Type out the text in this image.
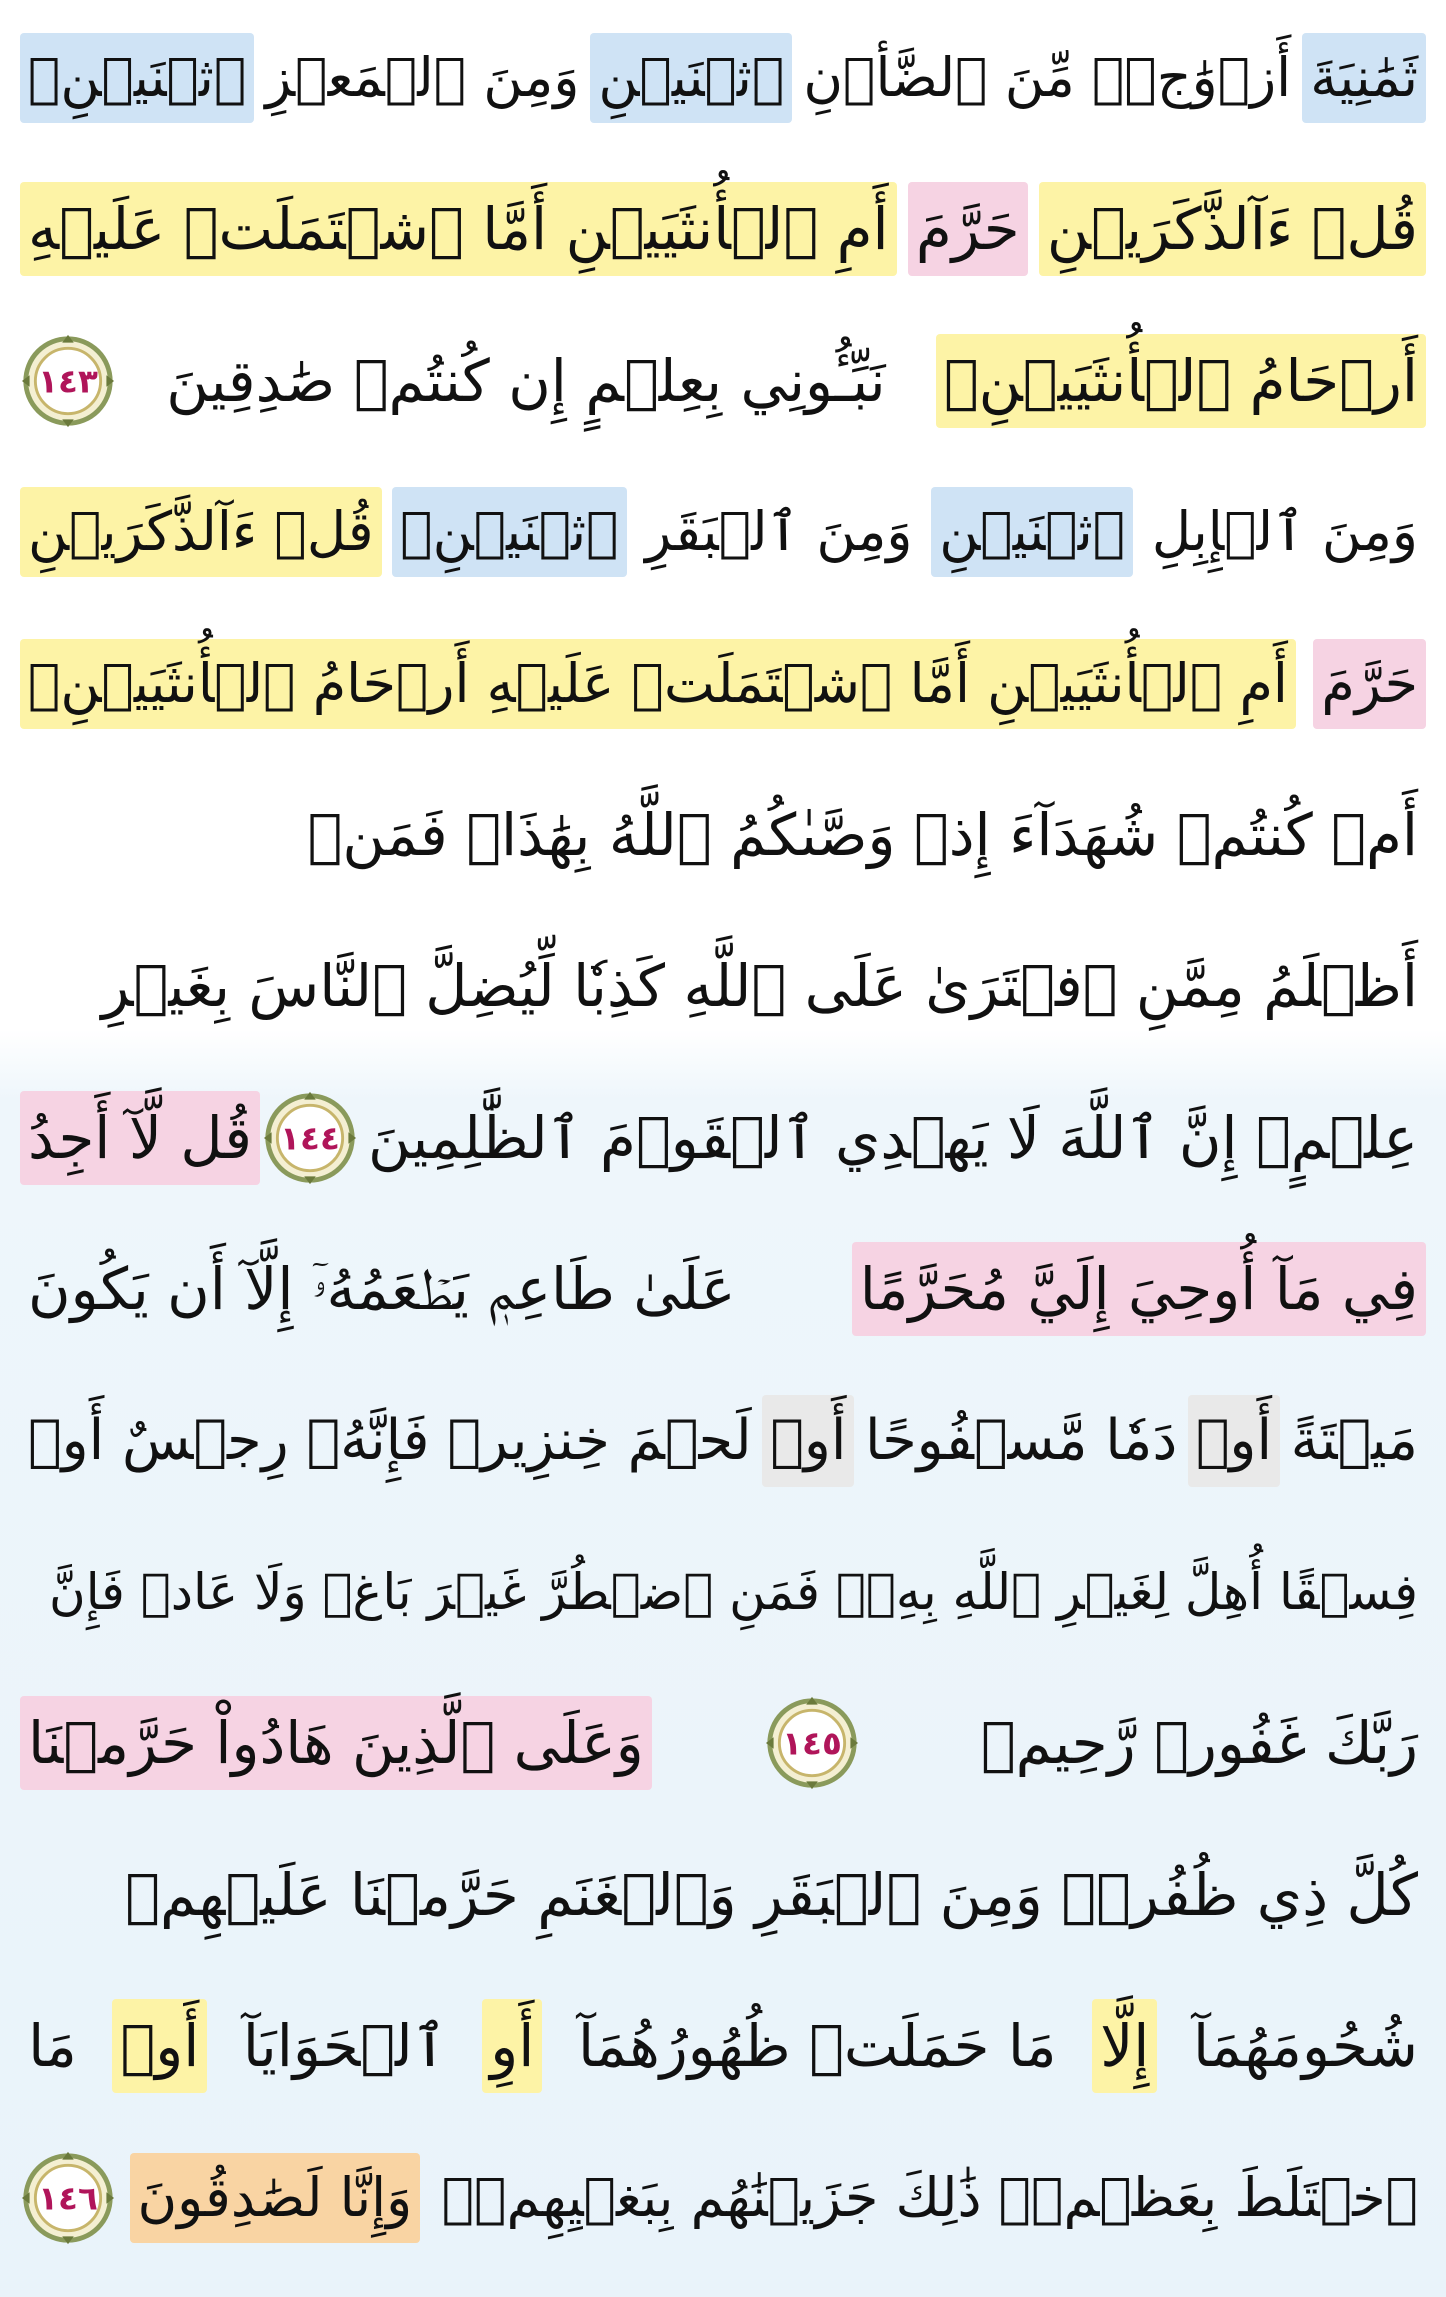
ثَمَٰنِيَةَ
أَزۡوَٰجٖۖ مِّنَ ٱلضَّأۡنِ
ٱثۡنَيۡنِ
وَمِنَ ٱلۡمَعۡزِ
ٱثۡنَيۡنِۗ
قُلۡ ءَآلذَّكَرَيۡنِ
حَرَّمَ
أَمِ ٱلۡأُنثَيَيۡنِ أَمَّا ٱشۡتَمَلَتۡ عَلَيۡهِ
أَرۡحَامُ ٱلۡأُنثَيَيۡنِۖ
نَبِّـُٔونِي بِعِلۡمٍ إِن كُنتُمۡ صَٰدِقِينَ
١٤٣
وَمِنَ ٱلۡإِبِلِ
ٱثۡنَيۡنِ
وَمِنَ ٱلۡبَقَرِ
ٱثۡنَيۡنِۗ
قُلۡ ءَآلذَّكَرَيۡنِ
حَرَّمَ
أَمِ ٱلۡأُنثَيَيۡنِ أَمَّا ٱشۡتَمَلَتۡ عَلَيۡهِ أَرۡحَامُ ٱلۡأُنثَيَيۡنِۖ
أَمۡ كُنتُمۡ شُهَدَآءَ إِذۡ وَصَّىٰكُمُ ٱللَّهُ بِهَٰذَاۚ فَمَنۡ
أَظۡلَمُ مِمَّنِ ٱفۡتَرَىٰ عَلَى ٱللَّهِ كَذِبٗا لِّيُضِلَّ ٱلنَّاسَ بِغَيۡرِ
عِلۡمٍۚ إِنَّ ٱللَّهَ لَا يَهۡدِي ٱلۡقَوۡمَ ٱلظَّٰلِمِينَ
١٤٤
قُل لَّآ أَجِدُ
فِي مَآ أُوحِيَ إِلَيَّ مُحَرَّمًا
عَلَىٰ طَاعِمٖ يَطۡعَمُهُۥٓ إِلَّآ أَن يَكُونَ
مَيۡتَةً
أَوۡ
دَمٗا مَّسۡفُوحًا
أَوۡ
لَحۡمَ خِنزِيرٖ فَإِنَّهُۥ رِجۡسٌ أَوۡ
فِسۡقًا أُهِلَّ لِغَيۡرِ ٱللَّهِ بِهِۦۚ فَمَنِ ٱضۡطُرَّ غَيۡرَ بَاغٖ وَلَا عَادٖ فَإِنَّ
رَبَّكَ غَفُورٞ رَّحِيمٞ
١٤٥
وَعَلَى ٱلَّذِينَ هَادُواْ حَرَّمۡنَا
كُلَّ ذِي ظُفُرٖۖ وَمِنَ ٱلۡبَقَرِ وَٱلۡغَنَمِ حَرَّمۡنَا عَلَيۡهِمۡ
شُحُومَهُمَآ
إِلَّا
مَا حَمَلَتۡ ظُهُورُهُمَآ
أَوِ
ٱلۡحَوَايَآ
أَوۡ
مَا
ٱخۡتَلَطَ بِعَظۡمٖۚ ذَٰلِكَ جَزَيۡنَٰهُم بِبَغۡيِهِمۡۖ
وَإِنَّا لَصَٰدِقُونَ
١٤٦
